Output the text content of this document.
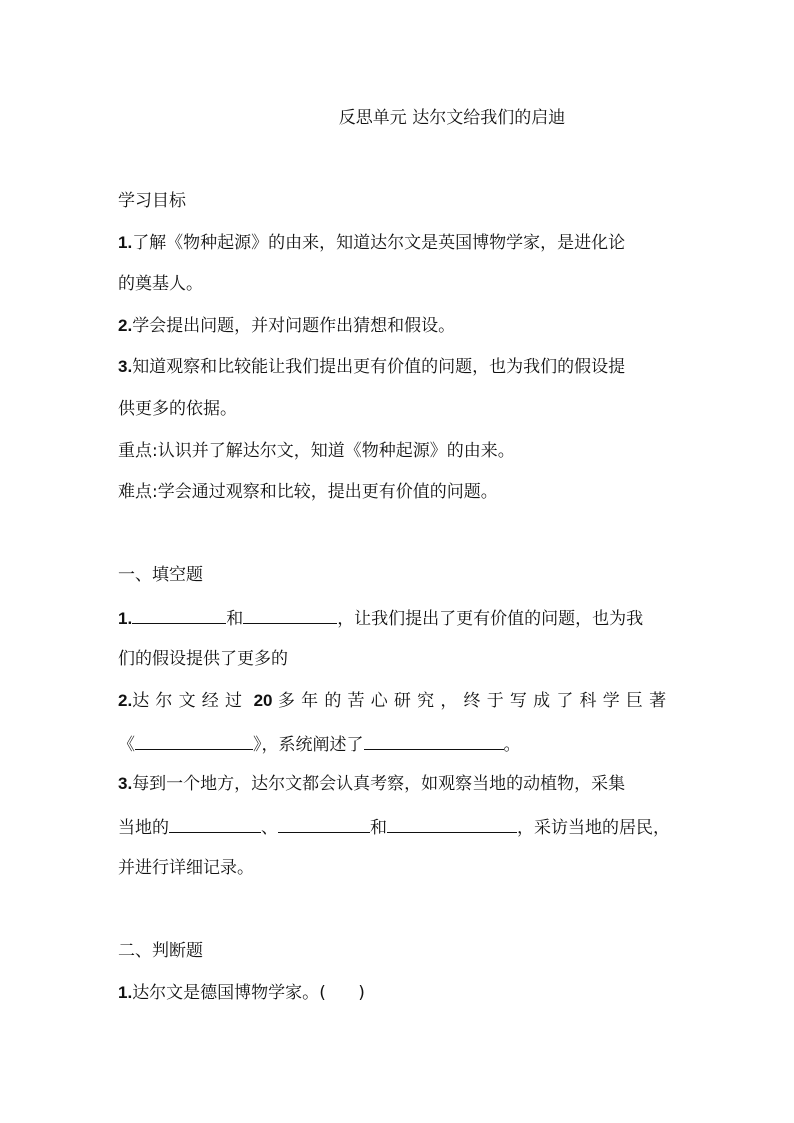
反思单元 达尔文给我们的启迪
学习目标
1.了解《物种起源》的由来，知道达尔文是英国博物学家，是进化论
的奠基人。
2.学会提出问题，并对问题作出猜想和假设。
3.知道观察和比较能让我们提出更有价值的问题，也为我们的假设提
供更多的依据。
重点:认识并了解达尔文，知道《物种起源》的由来。
难点:学会通过观察和比较，提出更有价值的问题。
一、填空题
1.	和	，让我们提出了更有价值的问题，也为我
们的假设提供了更多的
2.达尔文经过 20 多年的苦心研究，终于写成了科学巨著
《	》，系统阐述了	。
3.每到一个地方，达尔文都会认真考察，如观察当地的动植物，采集
当地的	、	和	，采访当地的居民，
并进行详细记录。
二、判断题
1.达尔文是德国博物学家。(      )
